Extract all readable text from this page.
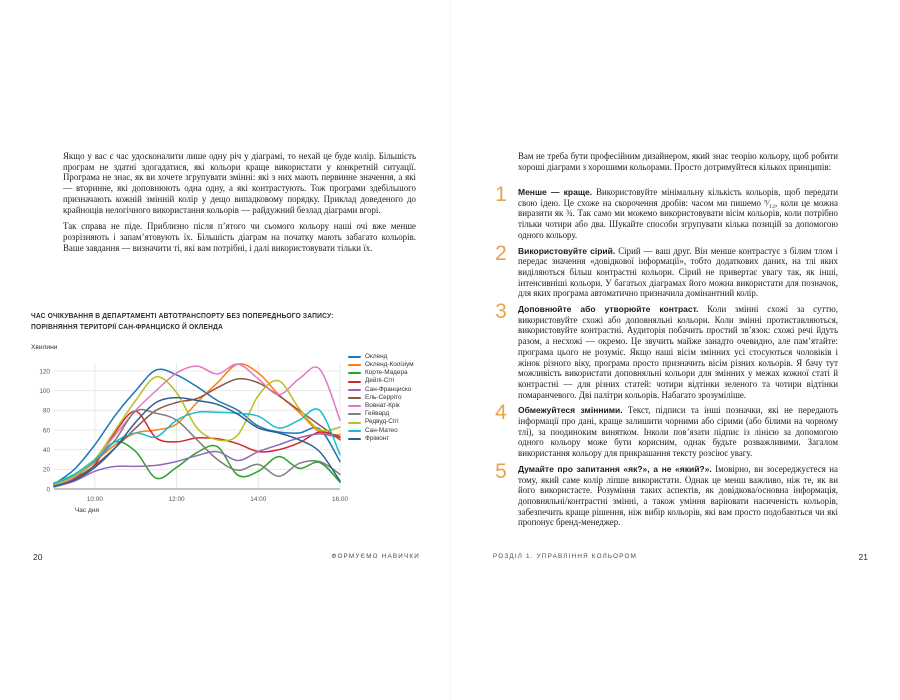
Якщо у вас є час удосконалити лише одну річ у діаграмі, то нехай це буде колір. Більшість програм не здатні здогадатися, які кольори краще використати у конкретній ситуації. Програма не знає, як ви хочете згрупувати змінні: які з них мають первинне значення, а які — вторинне, які доповнюють одна одну, а які контрастують. Тож програми здебільшого призначають кожній змінній колір у дещо випадковому порядку. Приклад доведеного до крайнощів нелогічного використання кольорів — райдужний безлад діаграми вгорі.

Так справа не піде. Приблизно після п’ятого чи сьомого кольору наші очі вже менше розрізняють і запам’ятовують їх. Більшість діаграм на початку мають забагато кольорів. Ваше завдання — визначити ті, які вам потрібні, і далі використовувати тільки їх.

ЧАС ОЧІКУВАННЯ В ДЕПАРТАМЕНТІ АВТОТРАНСПОРТУ БЕЗ ПОПЕРЕДНЬОГО ЗАПИСУ:
ПОРІВНЯННЯ ТЕРИТОРІЇ САН-ФРАНЦИСКО Й ОКЛЕНДА
0
20
40
60
80
100
120
10:00	12:00	14:00	16:00
Хвилини
Час дня
Окленд
Окленд-Колізіум
Корте-Мадера
Дейлі-Сіті
Сан-Франциско
Ель-Серріто
Вовнат-Крік
Гейвард
Редвуд-Сіті
Сан-Матео
Фрімонт
20	ФОРМУЄМО НАВИЧКИ
Вам не треба бути професійним дизайнером, який знає теорію кольору, щоб робити хороші діаграми з хорошими кольорами. Просто дотримуйтеся кількох принципів:
1	Менше — краще. Використовуйте мінімальну кількість кольорів, щоб передати свою ідею. Це схоже на скорочення дробів: часом ми пишемо ⁹⁄₁₂, коли це можна виразити як ¾. Так само ми можемо використовувати вісім кольорів, коли потрібно тільки чотири або два. Шукайте способи згрупувати кілька позицій за допомогою одного кольору.
2	Використовуйте сірий. Сірий — ваш друг. Він менше контрастує з білим тлом і передає значення «довідкової інформації», тобто додаткових даних, на тлі яких виділяються більш контрастні кольори. Сірий не привертає увагу так, як інші, інтенсивніші кольори. У багатьох діаграмах його можна використати для позначок, для яких програма автоматично призначила домінантний колір.
3	Доповнюйте або утворюйте контраст. Коли змінні схожі за суттю, використовуйте схожі або доповняльні кольори. Коли змінні протиставляються, використовуйте контрастні. Аудиторія побачить простий зв’язок: схожі речі йдуть разом, а несхожі — окремо. Це звучить майже занадто очевидно, але пам’ятайте: програма цього не розуміє. Якщо наші вісім змінних усі стосуються чоловіків і жінок різного віку, програма просто призначить вісім різних кольорів. Я бачу тут можливість використати доповняльні кольори для змінних у межах кожної статі й контрастні — для різних статей: чотири відтінки зеленого та чотири відтінки помаранчевого. Дві палітри кольорів. Набагато зрозуміліше.
4	Обмежуйтеся змінними. Текст, підписи та інші позначки, які не передають інформації про дані, краще залишити чорними або сірими (або білими на чорному тлі), за поодиноким винятком. Інколи пов’язати підпис із лінією за допомогою одного кольору може бути корисним, однак будьте розважливими. Загалом використання кольору для прикрашання тексту розсіює увагу.
5	Думайте про запитання «як?», а не «який?». Імовірно, ви зосереджуєтеся на тому, який саме колір ліпше використати. Однак це менш важливо, ніж те, як ви його використаєте. Розуміння таких аспектів, як довідкова/основна інформація, доповняльні/контрастні змінні, а також уміння варіювати насиченість кольорів, забезпечить краще рішення, ніж вибір кольорів, які вам просто подобаються чи які пропонує бренд-менеджер.
РОЗДІЛ 1. УПРАВЛІННЯ КОЛЬОРОМ	21
